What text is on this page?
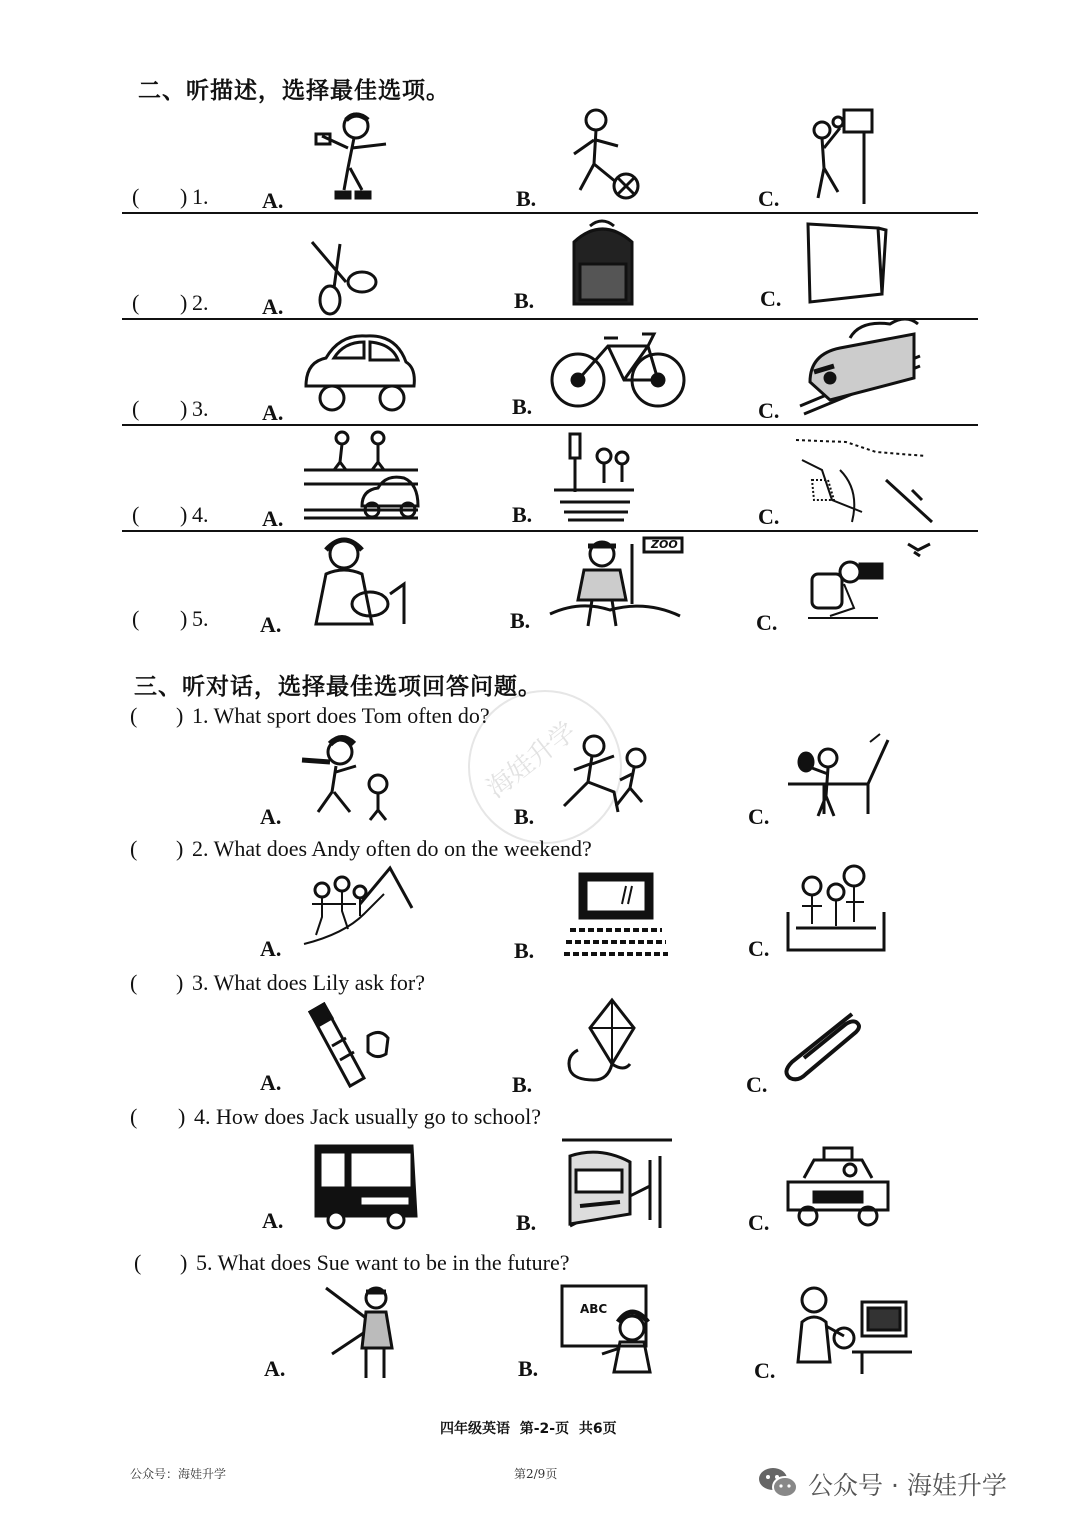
二、听描述，选择最佳选项。
( ) 1. A.	B.	C.
( ) 2. A.	B.	C.
( ) 3. A.	B.	C.
( ) 4. A.	B.	C.
( ) 5. A.	B.	C.
ZOO
海娃升学
三、听对话，选择最佳选项回答问题。
( ) 1. What sport does Tom often do?
A.	B.	C.
( ) 2. What does Andy often do on the weekend?
A.	B.	C.
( ) 3. What does Lily ask for?
A.	B.	C.
( ) 4. How does Jack usually go to school?
A.	B.	C.
( ) 5. What does Sue want to be in the future?
A.	B.	C.
ABC
四年级英语  第-2-页  共6页
公众号：海娃升学	第2/9页	公众号 · 海娃升学
